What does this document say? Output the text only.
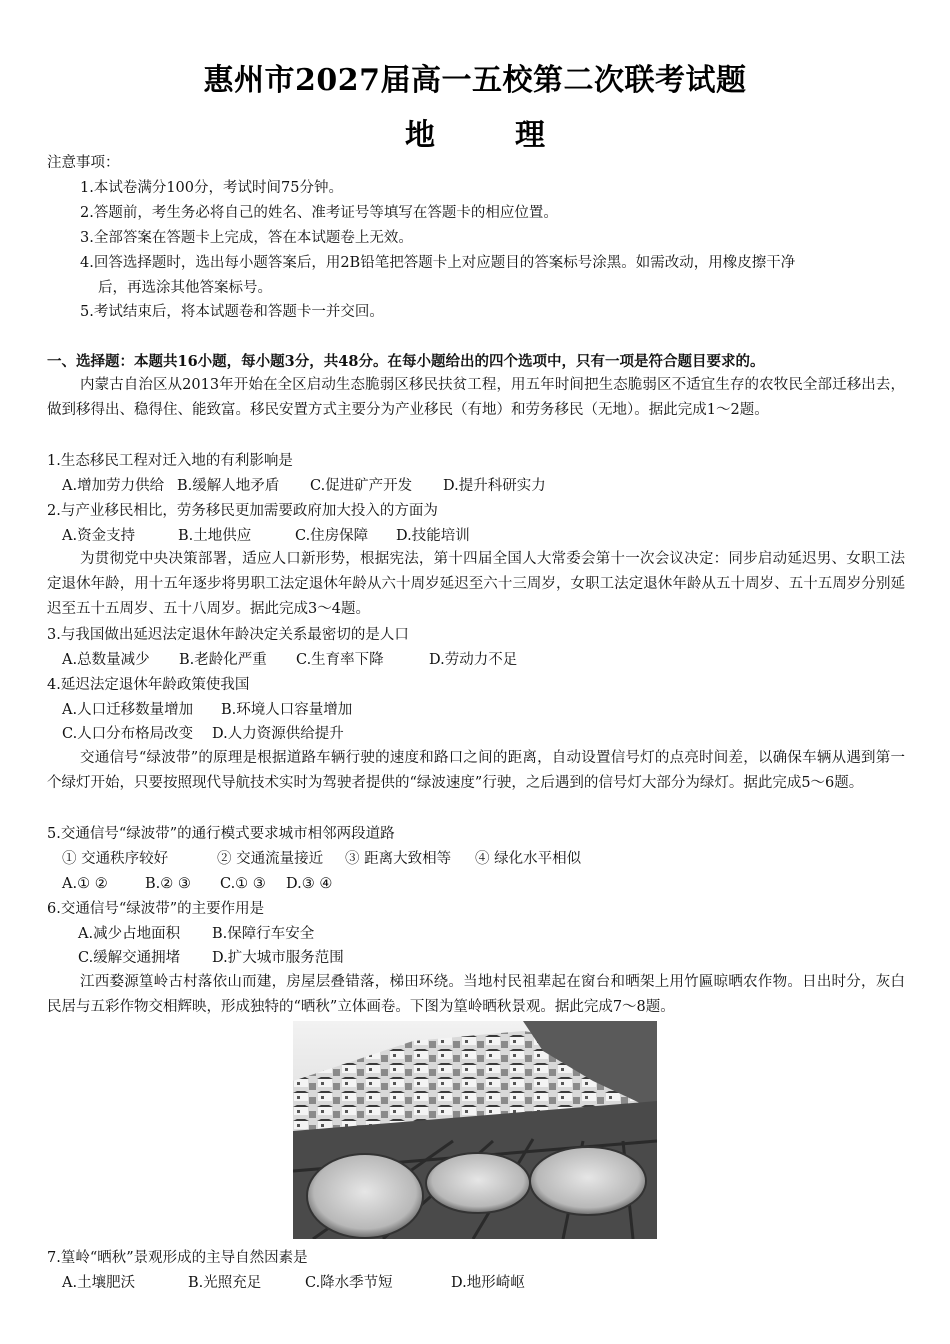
惠州市2027届高一五校第二次联考试题
地	理
注意事项：
1.本试卷满分100分，考试时间75分钟。
2.答题前，考生务必将自己的姓名、准考证号等填写在答题卡的相应位置。
3.全部答案在答题卡上完成，答在本试题卷上无效。
4.回答选择题时，选出每小题答案后，用2B铅笔把答题卡上对应题目的答案标号涂黑。如需改动，用橡皮擦干净
后，再选涂其他答案标号。
5.考试结束后，将本试题卷和答题卡一并交回。
一、选择题：本题共16小题，每小题3分，共48分。在每小题给出的四个选项中，只有一项是符合题目要求的。
内蒙古自治区从2013年开始在全区启动生态脆弱区移民扶贫工程，用五年时间把生态脆弱区不适宜生存的农牧民全部迁移出去，做到移得出、稳得住、能致富。移民安置方式主要分为产业移民（有地）和劳务移民（无地）。据此完成1～2题。
1.生态移民工程对迁入地的有利影响是
A.增加劳力供给 B.缓解人地矛盾 C.促进矿产开发 D.提升科研实力
2.与产业移民相比，劳务移民更加需要政府加大投入的方面为
A.资金支持	B.土地供应	C.住房保障 D.技能培训
为贯彻党中央决策部署，适应人口新形势，根据宪法，第十四届全国人大常委会第十一次会议决定：同步启动延迟男、女职工法定退休年龄，用十五年逐步将男职工法定退休年龄从六十周岁延迟至六十三周岁，女职工法定退休年龄从五十周岁、五十五周岁分别延迟至五十五周岁、五十八周岁。据此完成3～4题。
3.与我国做出延迟法定退休年龄决定关系最密切的是人口
A.总数量减少 B.老龄化严重 C.生育率下降	D.劳动力不足
4.延迟法定退休年龄政策使我国
A.人口迁移数量增加 B.环境人口容量增加
C.人口分布格局改变 D.人力资源供给提升
交通信号“绿波带”的原理是根据道路车辆行驶的速度和路口之间的距离，自动设置信号灯的点亮时间差，以确保车辆从遇到第一个绿灯开始，只要按照现代导航技术实时为驾驶者提供的“绿波速度”行驶，之后遇到的信号灯大部分为绿灯。据此完成5～6题。
5.交通信号“绿波带”的通行模式要求城市相邻两段道路
① 交通秩序较好	② 交通流量接近 ③ 距离大致相等 ④ 绿化水平相似
A.① ②	B.② ③ C.① ③ D.③ ④
6.交通信号“绿波带”的主要作用是
A.减少占地面积 B.保障行车安全
C.缓解交通拥堵 D.扩大城市服务范围
江西婺源篁岭古村落依山而建，房屋层叠错落，梯田环绕。当地村民祖辈起在窗台和晒架上用竹匾晾晒农作物。日出时分，灰白民居与五彩作物交相辉映，形成独特的“晒秋”立体画卷。下图为篁岭晒秋景观。据此完成7～8题。
7.篁岭“晒秋”景观形成的主导自然因素是
A.土壤肥沃	B.光照充足	C.降水季节短	D.地形崎岖
